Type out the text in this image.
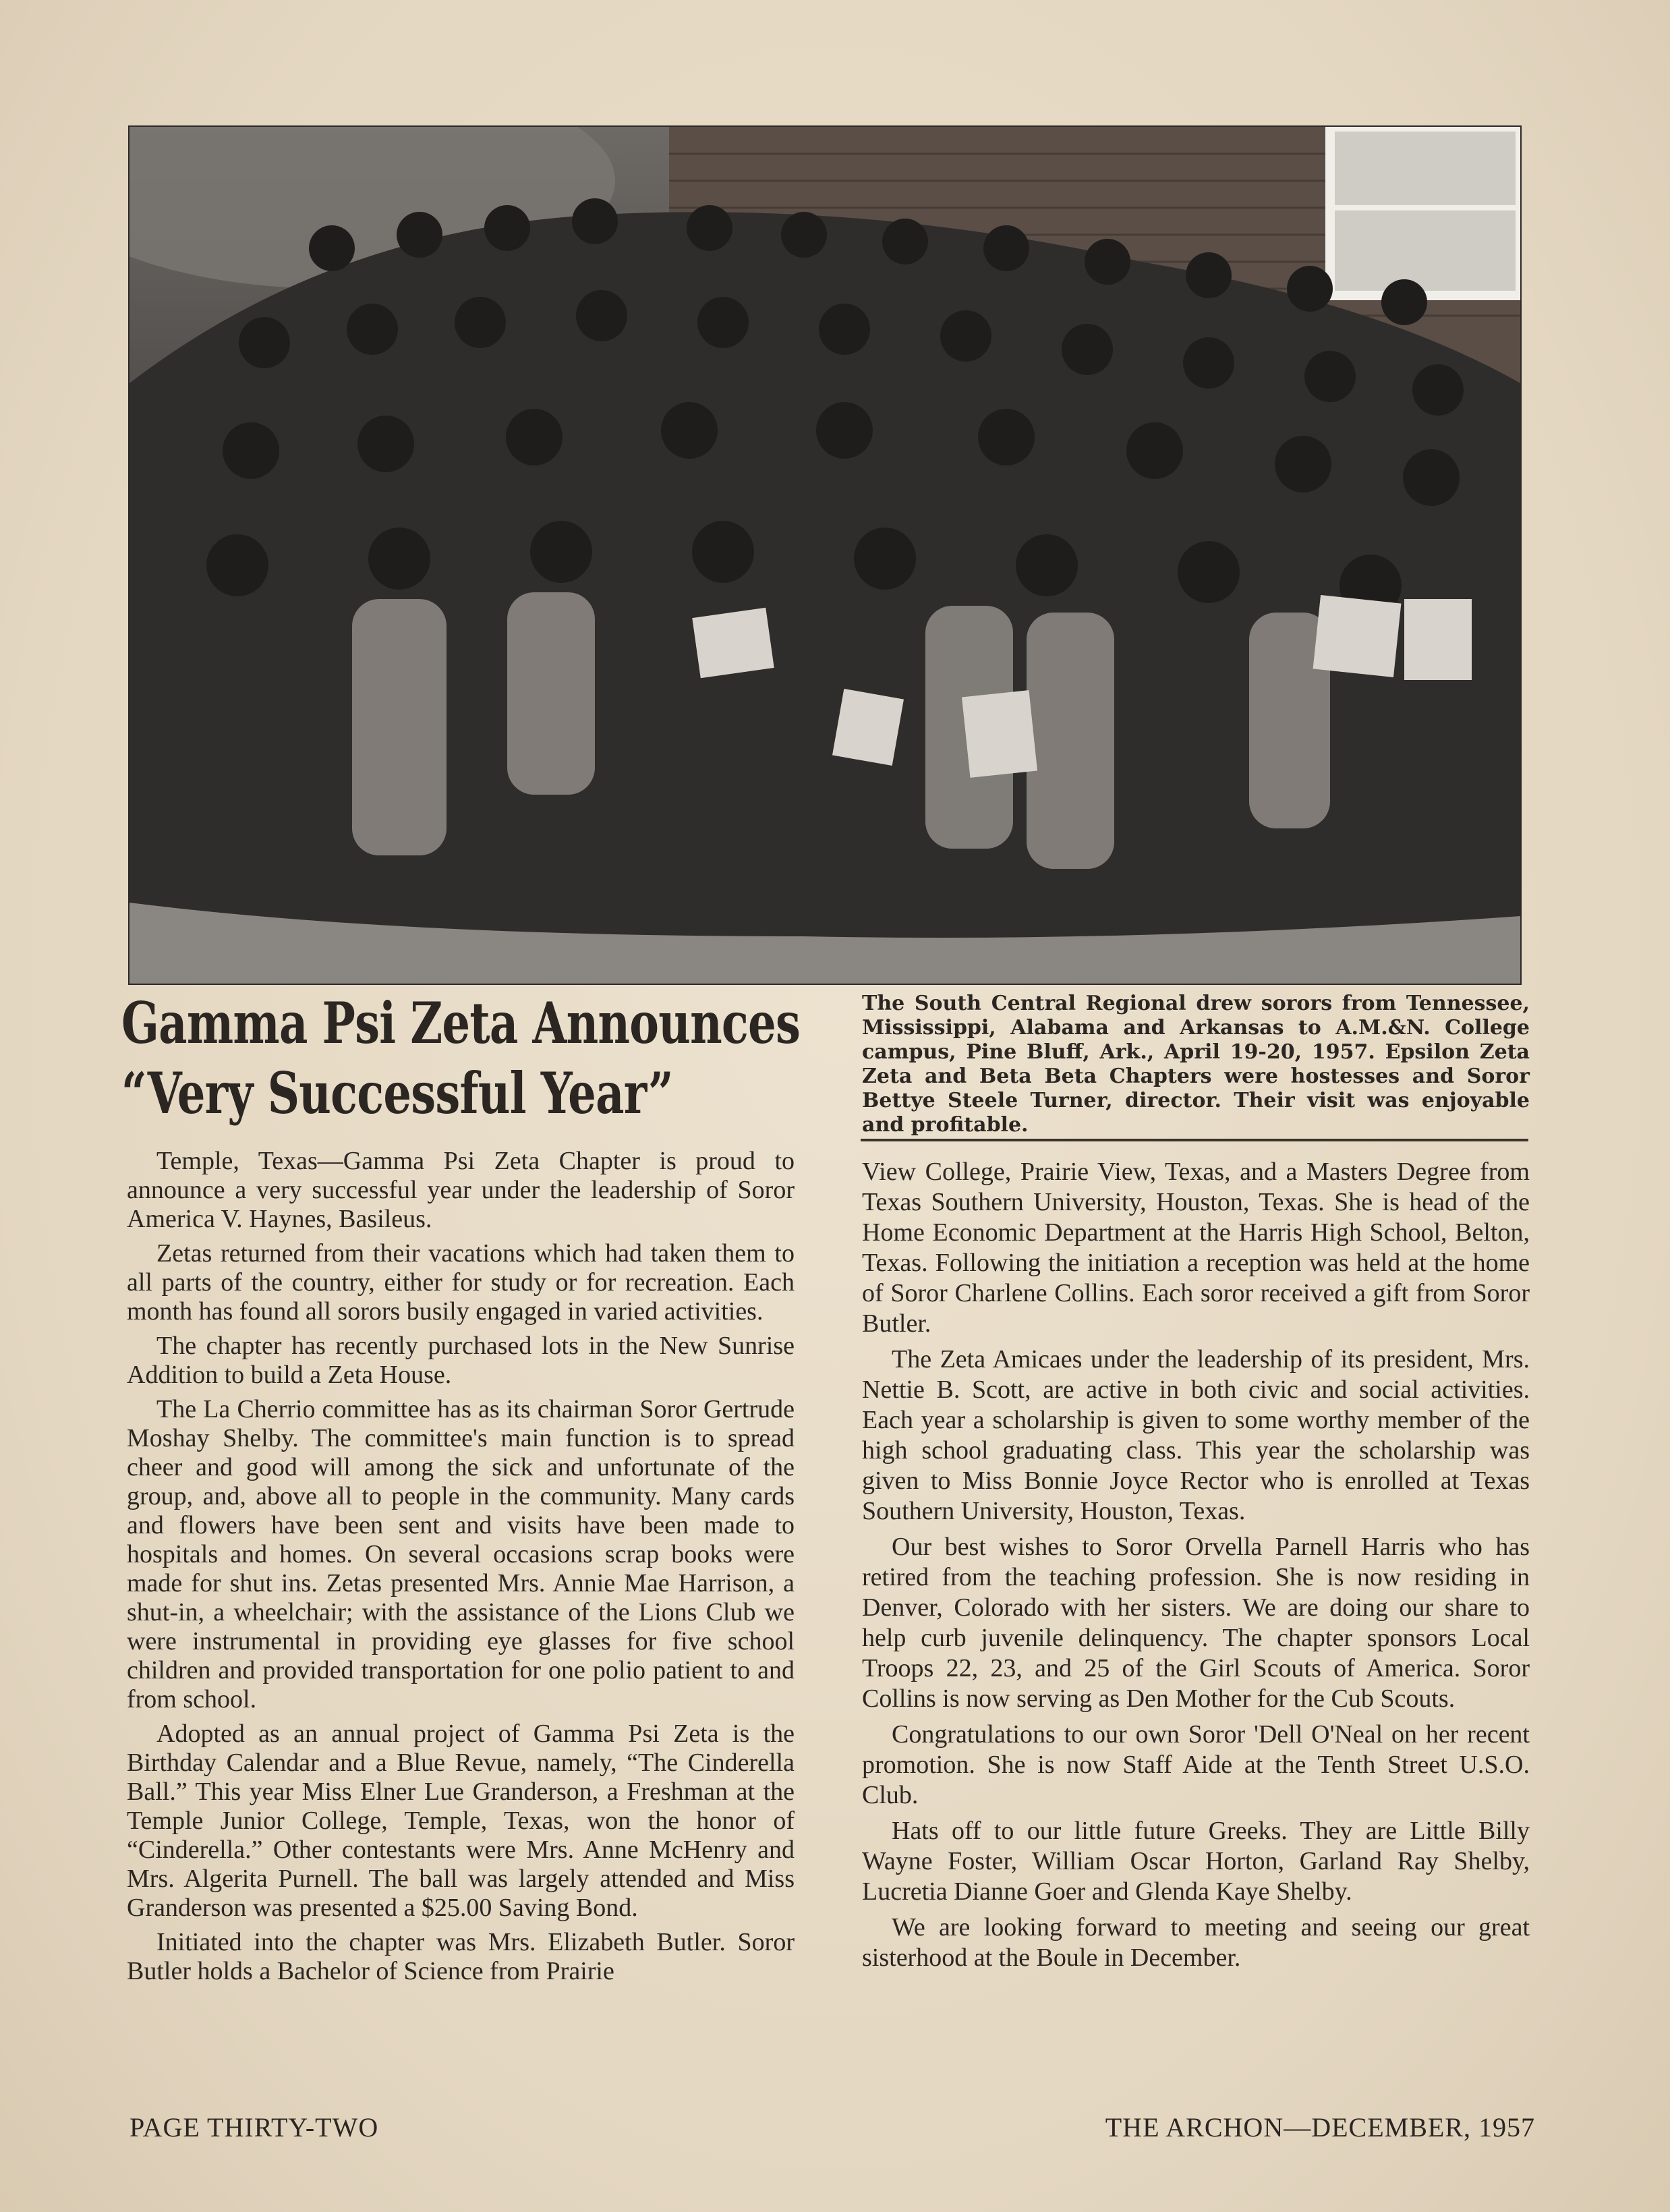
Gamma Psi Zeta Announces
“Very Successful Year”
The South Central Regional drew sorors from Tennessee, Mississippi, Alabama and Arkansas to A.M.&N. College campus, Pine Bluff, Ark., April 19-20, 1957. Epsilon Zeta Zeta and Beta Beta Chapters were hostesses and Soror Bettye Steele Turner, director. Their visit was enjoyable and profitable.

Temple, Texas—Gamma Psi Zeta Chapter is proud to announce a very successful year under the leadership of Soror America V. Haynes, Basileus.

Zetas returned from their vacations which had taken them to all parts of the country, either for study or for recreation. Each month has found all sorors busily engaged in varied activities.

The chapter has recently purchased lots in the New Sunrise Addition to build a Zeta House.

The La Cherrio committee has as its chairman Soror Gertrude Moshay Shelby. The committee's main function is to spread cheer and good will among the sick and unfortunate of the group, and, above all to people in the community. Many cards and flowers have been sent and visits have been made to hospitals and homes. On several occasions scrap books were made for shut ins. Zetas presented Mrs. Annie Mae Harrison, a shut-in, a wheelchair; with the assistance of the Lions Club we were instrumental in providing eye glasses for five school children and provided transportation for one polio patient to and from school.

Adopted as an annual project of Gamma Psi Zeta is the Birthday Calendar and a Blue Revue, namely, “The Cinderella Ball.” This year Miss Elner Lue Granderson, a Freshman at the Temple Junior College, Temple, Texas, won the honor of “Cinderella.” Other contestants were Mrs. Anne McHenry and Mrs. Algerita Purnell. The ball was largely attended and Miss Granderson was presented a $25.00 Saving Bond.

Initiated into the chapter was Mrs. Elizabeth Butler. Soror Butler holds a Bachelor of Science from Prairie

View College, Prairie View, Texas, and a Masters Degree from Texas Southern University, Houston, Texas. She is head of the Home Economic Department at the Harris High School, Belton, Texas. Following the initiation a reception was held at the home of Soror Charlene Collins. Each soror received a gift from Soror Butler.

The Zeta Amicaes under the leadership of its president, Mrs. Nettie B. Scott, are active in both civic and social activities. Each year a scholarship is given to some worthy member of the high school graduating class. This year the scholarship was given to Miss Bonnie Joyce Rector who is enrolled at Texas Southern University, Houston, Texas.

Our best wishes to Soror Orvella Parnell Harris who has retired from the teaching profession. She is now residing in Denver, Colorado with her sisters. We are doing our share to help curb juvenile delinquency. The chapter sponsors Local Troops 22, 23, and 25 of the Girl Scouts of America. Soror Collins is now serving as Den Mother for the Cub Scouts.

Congratulations to our own Soror 'Dell O'Neal on her recent promotion. She is now Staff Aide at the Tenth Street U.S.O. Club.

Hats off to our little future Greeks. They are Little Billy Wayne Foster, William Oscar Horton, Garland Ray Shelby, Lucretia Dianne Goer and Glenda Kaye Shelby.

We are looking forward to meeting and seeing our great sisterhood at the Boule in December.

PAGE THIRTY-TWO	THE ARCHON—DECEMBER, 1957
